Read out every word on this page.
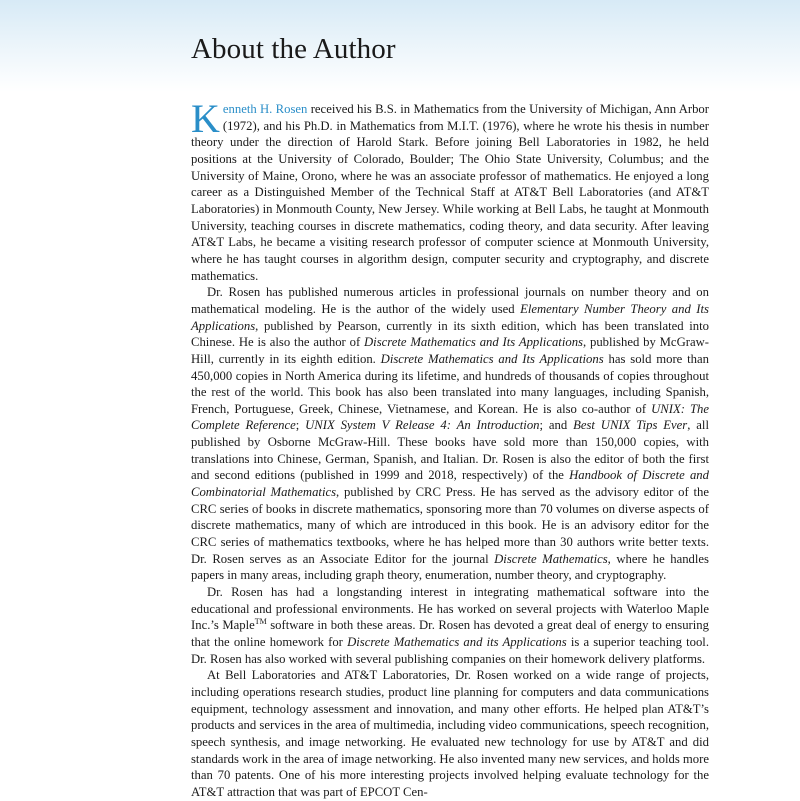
About the Author

Kenneth H. Rosen received his B.S. in Mathematics from the University of Michigan, Ann Arbor (1972), and his Ph.D. in Mathematics from M.I.T. (1976), where he wrote his thesis in number theory under the direction of Harold Stark. Before joining Bell Laboratories in 1982, he held positions at the University of Colorado, Boulder; The Ohio State University, Columbus; and the University of Maine, Orono, where he was an associate professor of mathematics. He enjoyed a long career as a Distinguished Member of the Technical Staff at AT&T Bell Laboratories (and AT&T Laboratories) in Monmouth County, New Jersey. While working at Bell Labs, he taught at Monmouth University, teaching courses in discrete mathematics, coding theory, and data security. After leaving AT&T Labs, he became a visiting research professor of computer science at Monmouth University, where he has taught courses in algorithm design, computer security and cryptography, and discrete mathematics.

Dr. Rosen has published numerous articles in professional journals on number theory and on mathematical modeling. He is the author of the widely used Elementary Number Theory and Its Applications, published by Pearson, currently in its sixth edition, which has been translated into Chinese. He is also the author of Discrete Mathematics and Its Applications, published by McGraw-Hill, currently in its eighth edition. Discrete Mathematics and Its Applications has sold more than 450,000 copies in North America during its lifetime, and hundreds of thousands of copies throughout the rest of the world. This book has also been translated into many languages, including Spanish, French, Portuguese, Greek, Chinese, Vietnamese, and Korean. He is also co-author of UNIX: The Complete Reference; UNIX System V Release 4: An Introduction; and Best UNIX Tips Ever, all published by Osborne McGraw-Hill. These books have sold more than 150,000 copies, with translations into Chinese, German, Spanish, and Italian. Dr. Rosen is also the editor of both the first and second editions (published in 1999 and 2018, respectively) of the Handbook of Discrete and Combinatorial Mathematics, published by CRC Press. He has served as the advisory editor of the CRC series of books in discrete mathematics, sponsoring more than 70 volumes on diverse aspects of discrete mathematics, many of which are introduced in this book. He is an advisory editor for the CRC series of mathematics textbooks, where he has helped more than 30 authors write better texts. Dr. Rosen serves as an Associate Editor for the journal Discrete Mathematics, where he handles papers in many areas, including graph theory, enumeration, number theory, and cryptography.

Dr. Rosen has had a longstanding interest in integrating mathematical software into the educational and professional environments. He has worked on several projects with Waterloo Maple Inc.’s Maple™ software in both these areas. Dr. Rosen has devoted a great deal of energy to ensuring that the online homework for Discrete Mathematics and its Applications is a superior teaching tool. Dr. Rosen has also worked with several publishing companies on their homework delivery platforms.

At Bell Laboratories and AT&T Laboratories, Dr. Rosen worked on a wide range of projects, including operations research studies, product line planning for computers and data communications equipment, technology assessment and innovation, and many other efforts. He helped plan AT&T’s products and services in the area of multimedia, including video communications, speech recognition, speech synthesis, and image networking. He evaluated new technology for use by AT&T and did standards work in the area of image networking. He also invented many new services, and holds more than 70 patents. One of his more interesting projects involved helping evaluate technology for the AT&T attraction that was part of EPCOT Cen-
